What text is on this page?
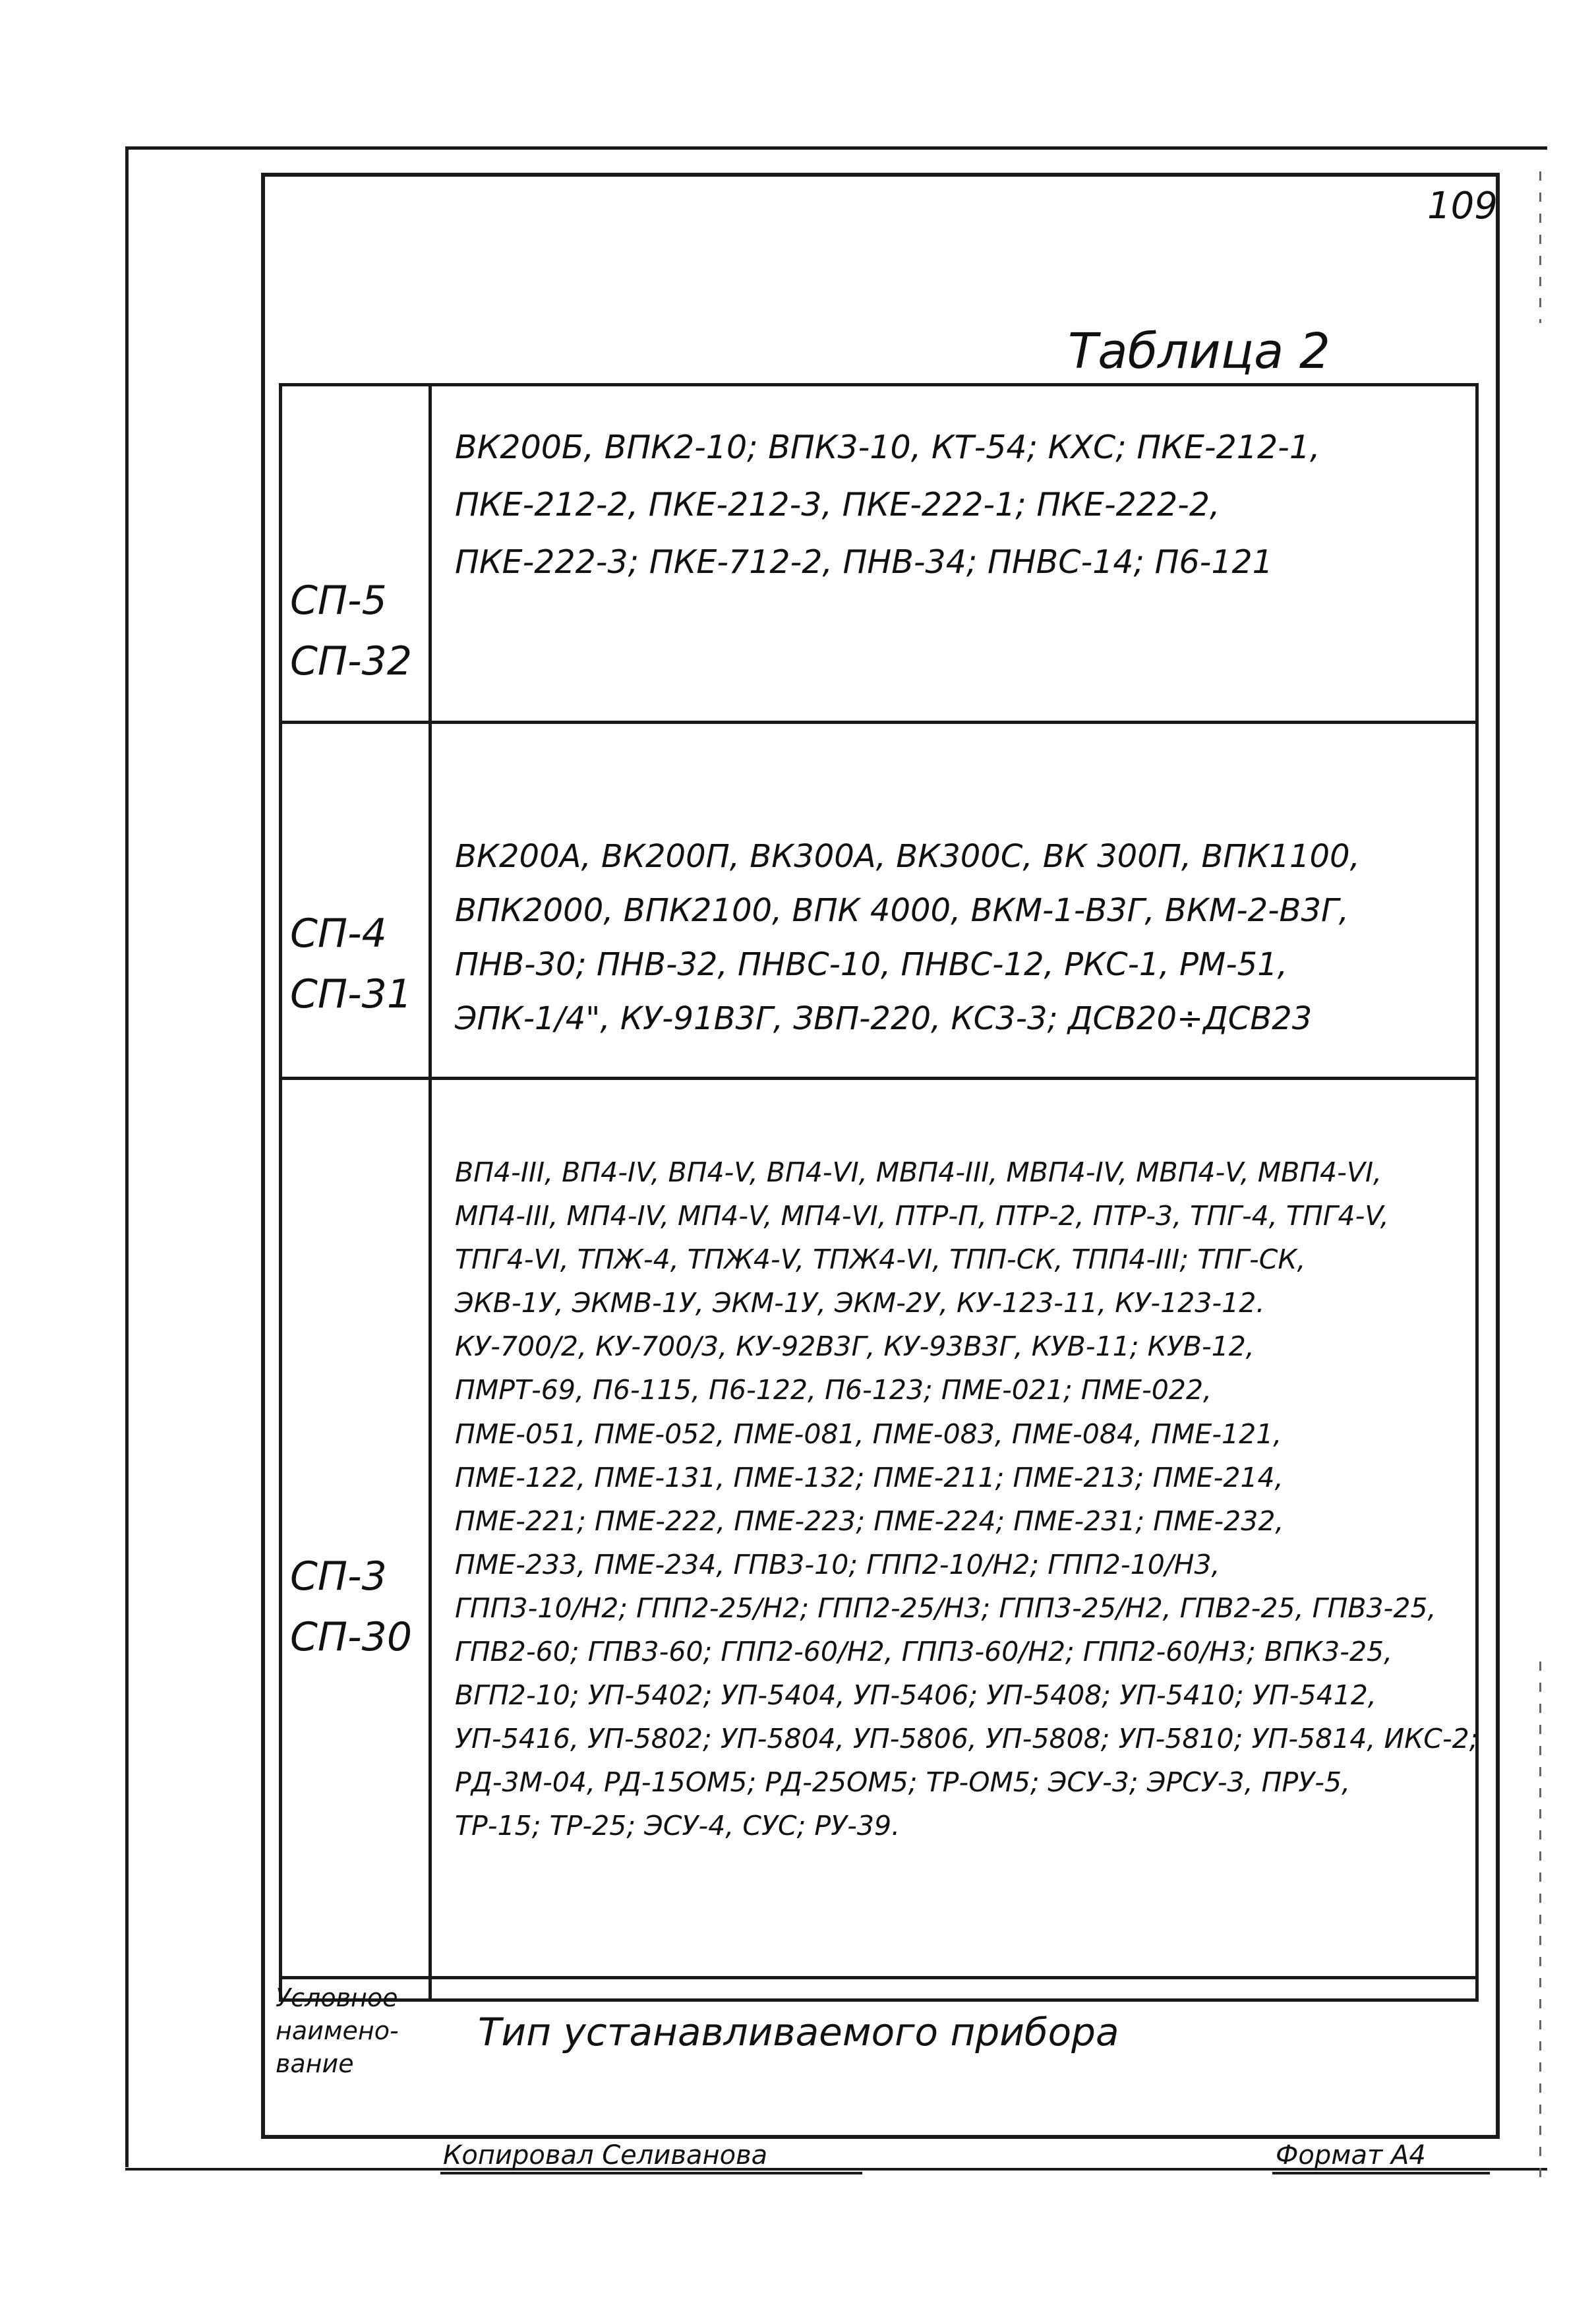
109
Таблица 2
СП-5
СП-32
ВК200Б, ВПК2-10; ВПК3-10, КТ-54; КХС; ПКЕ-212-1,
ПКЕ-212-2, ПКЕ-212-3, ПКЕ-222-1; ПКЕ-222-2,
ПКЕ-222-3; ПКЕ-712-2, ПНВ-34; ПНВС-14; П6-121
СП-4
СП-31
ВК200А, ВК200П, ВК300А, ВК300С, ВК 300П, ВПК1100,
ВПК2000, ВПК2100, ВПК 4000, ВКМ-1-В3Г, ВКМ-2-В3Г,
ПНВ-30; ПНВ-32, ПНВС-10, ПНВС-12, РКС-1, РМ-51,
ЭПК-1/4", КУ-91В3Г, ЗВП-220, КС3-3; ДСВ20÷ДСВ23
СП-3
СП-30
ВП4-III, ВП4-IV, ВП4-V, ВП4-VI, МВП4-III, МВП4-IV, МВП4-V, МВП4-VI,
МП4-III, МП4-IV, МП4-V, МП4-VI, ПТР-П, ПТР-2, ПТР-3, ТПГ-4, ТПГ4-V,
ТПГ4-VI, ТПЖ-4, ТПЖ4-V, ТПЖ4-VI, ТПП-СК, ТПП4-III; ТПГ-СК,
ЭКВ-1У, ЭКМВ-1У, ЭКМ-1У, ЭКМ-2У, КУ-123-11, КУ-123-12.
КУ-700/2, КУ-700/3, КУ-92В3Г, КУ-93В3Г, КУВ-11; КУВ-12,
ПМРТ-69, П6-115, П6-122, П6-123; ПМЕ-021; ПМЕ-022,
ПМЕ-051, ПМЕ-052, ПМЕ-081, ПМЕ-083, ПМЕ-084, ПМЕ-121,
ПМЕ-122, ПМЕ-131, ПМЕ-132; ПМЕ-211; ПМЕ-213; ПМЕ-214,
ПМЕ-221; ПМЕ-222, ПМЕ-223; ПМЕ-224; ПМЕ-231; ПМЕ-232,
ПМЕ-233, ПМЕ-234, ГПВ3-10; ГПП2-10/Н2; ГПП2-10/Н3,
ГПП3-10/Н2; ГПП2-25/Н2; ГПП2-25/Н3; ГПП3-25/Н2, ГПВ2-25, ГПВ3-25,
ГПВ2-60; ГПВ3-60; ГПП2-60/Н2, ГПП3-60/Н2; ГПП2-60/Н3; ВПК3-25,
ВГП2-10; УП-5402; УП-5404, УП-5406; УП-5408; УП-5410; УП-5412,
УП-5416, УП-5802; УП-5804, УП-5806, УП-5808; УП-5810; УП-5814, ИКС-2;
РД-3М-04, РД-15ОМ5; РД-25ОМ5; ТР-ОМ5; ЭСУ-3; ЭРСУ-3, ПРУ-5,
ТР-15; ТР-25; ЭСУ-4, СУС; РУ-39.
Условное
наимено-
вание
Тип устанавливаемого прибора
Копировал Селиванова	Формат А4
